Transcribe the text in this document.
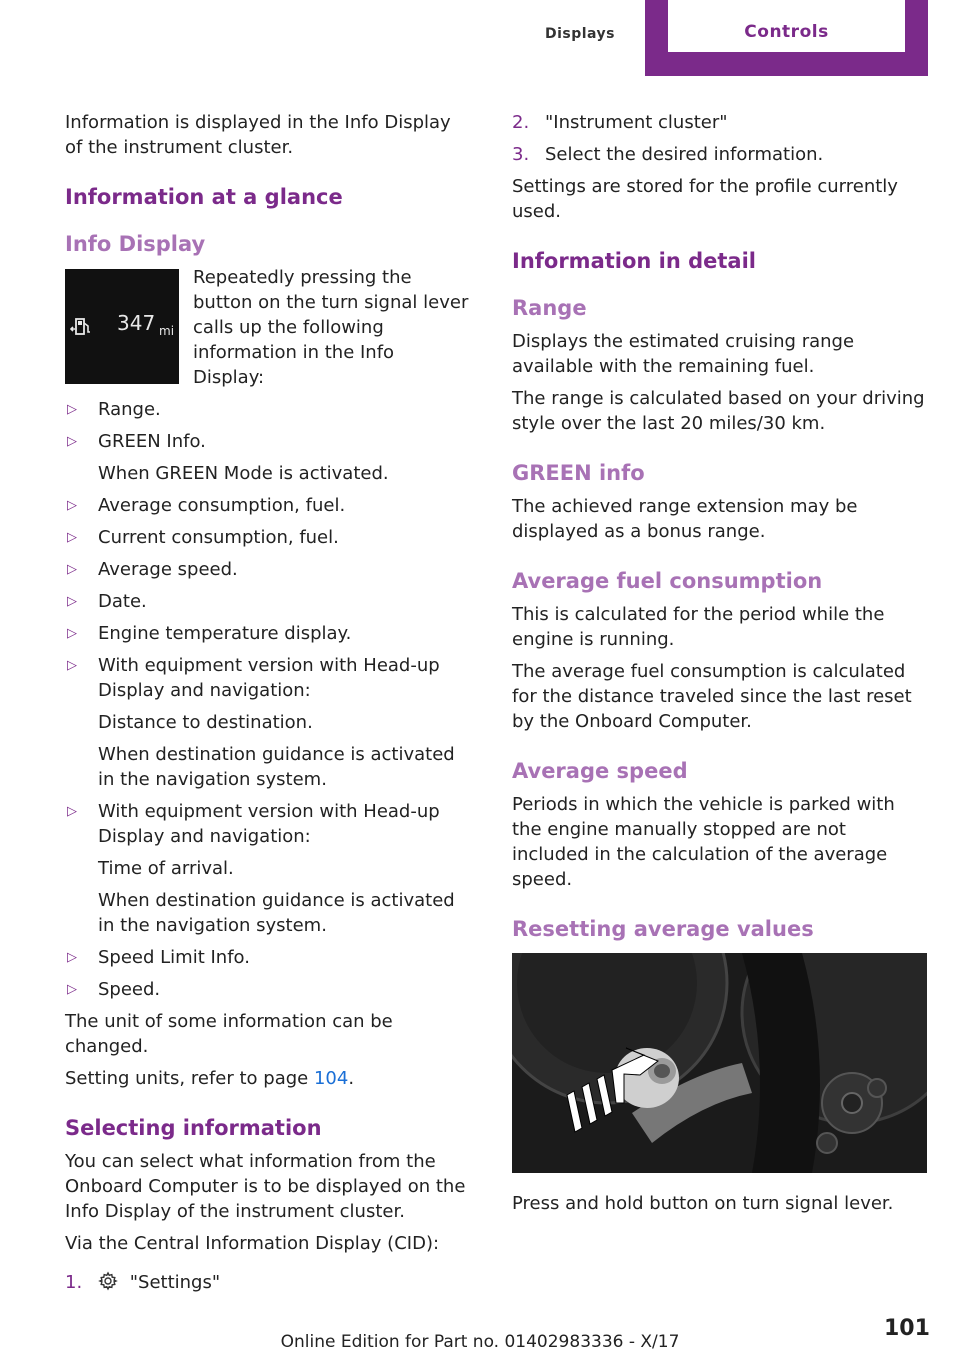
Displays	Controls

Information is displayed in the Info Display of the instrument cluster.

Information at a glance
Info Display
347 mi

Repeatedly pressing the button on the turn signal lever calls up the following information in the Info Display:

▷ Range.
▷ GREEN Info.

When GREEN Mode is activated.

▷ Average consumption, fuel.
▷ Current consumption, fuel.
▷ Average speed.
▷ Date.
▷ Engine temperature display.
▷ With equipment version with Head-up Display and navigation:

Distance to destination.

When destination guidance is activated in the navigation system.

▷ With equipment version with Head-up Display and navigation:

Time of arrival.

When destination guidance is activated in the navigation system.

▷ Speed Limit Info.
▷ Speed.

The unit of some information can be changed.

Setting units, refer to page 104.

Selecting information

You can select what information from the Onboard Computer is to be displayed on the Info Display of the instrument cluster.

Via the Central Information Display (CID):

1.	"Settings"
2. "Instrument cluster"
3. Select the desired information.

Settings are stored for the profile currently used.

Information in detail
Range

Displays the estimated cruising range available with the remaining fuel.

The range is calculated based on your driving style over the last 20 miles/30 km.

GREEN info

The achieved range extension may be displayed as a bonus range.

Average fuel consumption

This is calculated for the period while the engine is running.

The average fuel consumption is calculated for the distance traveled since the last reset by the Onboard Computer.

Average speed

Periods in which the vehicle is parked with the engine manually stopped are not included in the calculation of the average speed.

Resetting average values

Press and hold button on turn signal lever.

101
Online Edition for Part no. 01402983336 - X/17
